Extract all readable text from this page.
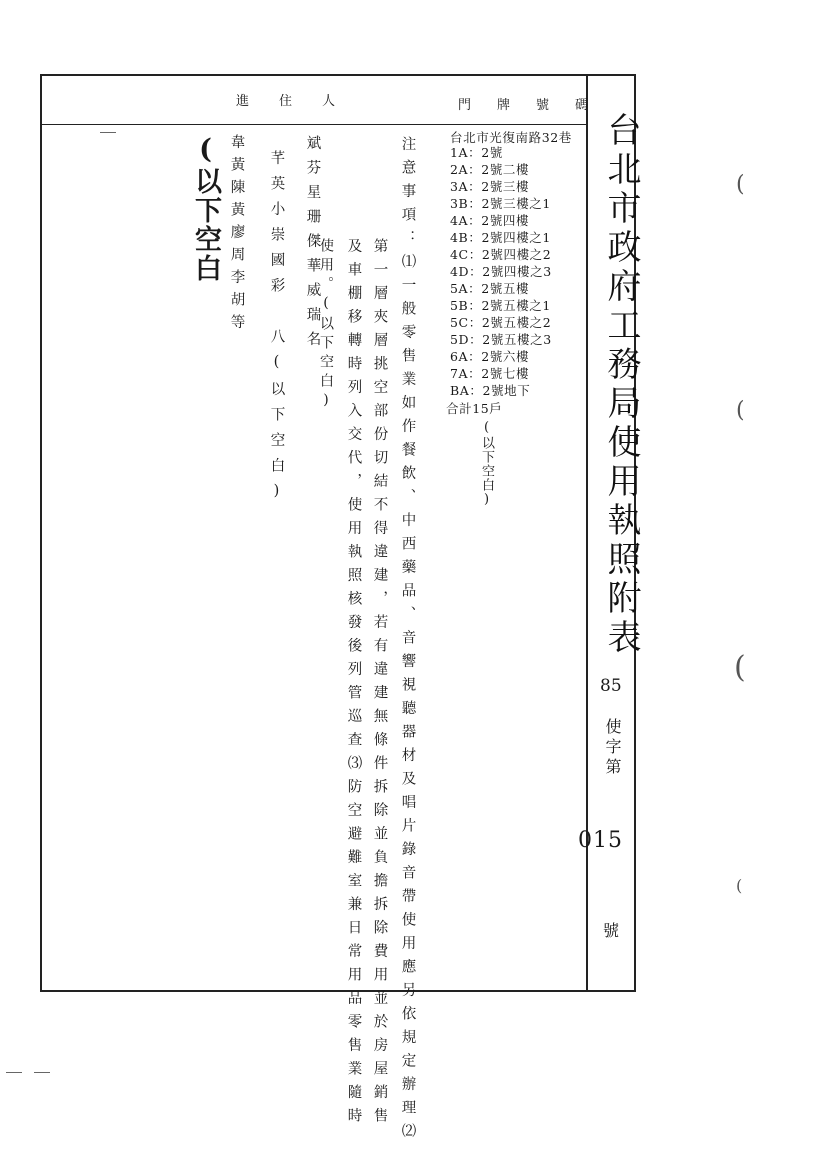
台北市政府工務局使用執照附表
85
使字第
015
號
進住人	門牌號碼
台北市光復南路32巷
1A：2號
2A：2號二樓
3A：2號三樓
3B：2號三樓之1
4A：2號四樓
4B：2號四樓之1
4C：2號四樓之2
4D：2號四樓之3
5A：2號五樓
5B：2號五樓之1
5C：2號五樓之2
5D：2號五樓之3
6A：2號六樓
7A：2號七樓
BA：2號地下
合計15戶
(以下空白)
注意事項：⑴一般零售業如作餐飲、中西藥品、音響視聽器材及唱片錄音帶使用應另依規定辦理⑵
第一層夾層挑空部份切結不得違建，若有違建無條件拆除並負擔拆除費用並於房屋銷售
及車棚移轉時列入交代，使用執照核發後列管巡查⑶防空避難室兼日常用品零售業隨時
使用。(以下空白)
斌芬星珊傑華威瑞名
芊英小崇國彩　八(以下空白)
韋黃陳黃廖周李胡等
(以下空白	(
(
(
(
